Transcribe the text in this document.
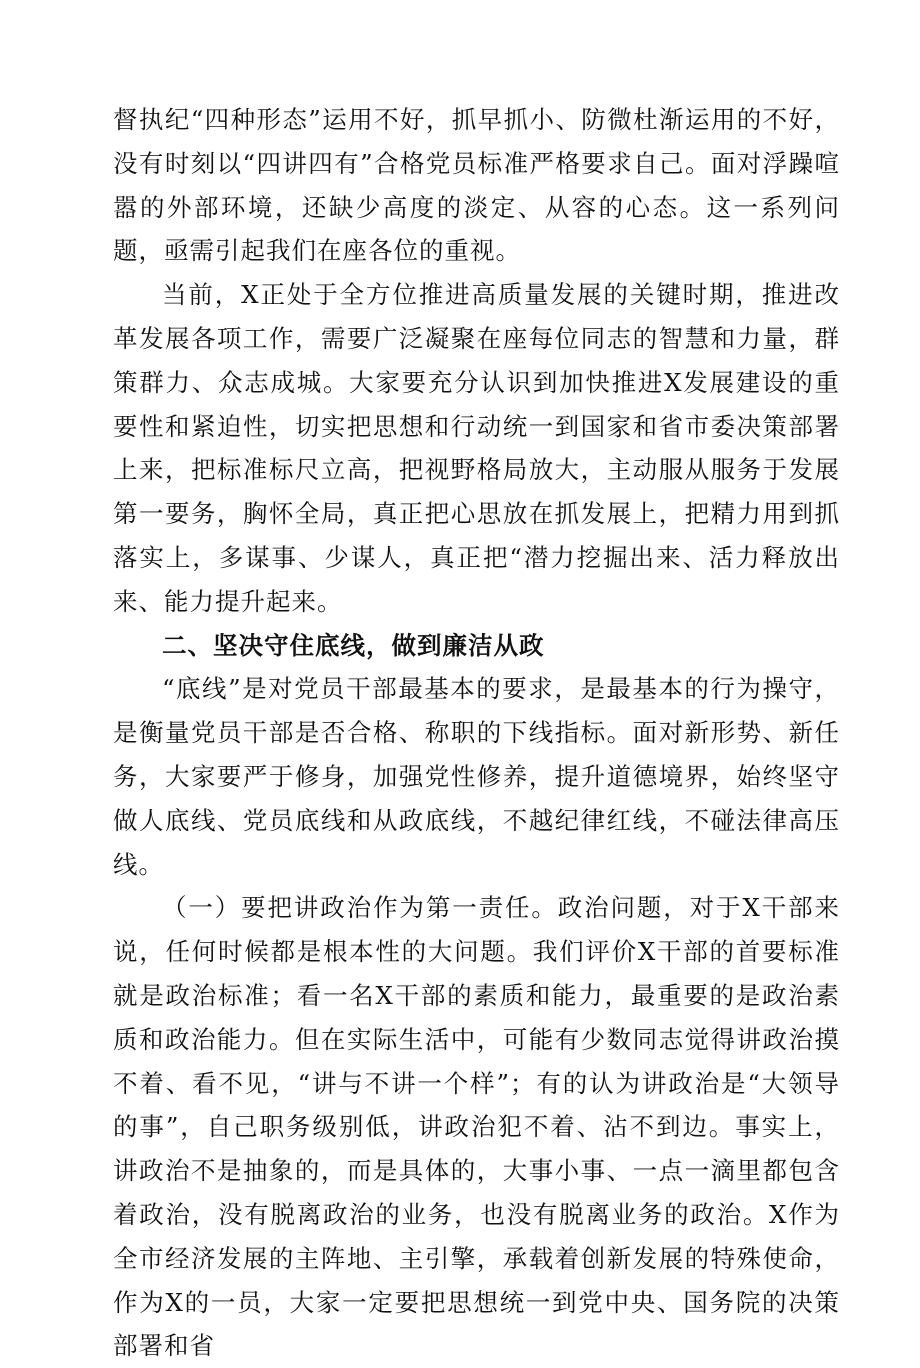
督执纪“四种形态”运用不好，抓早抓小、防微杜渐运用的不好，没有时刻以“四讲四有”合格党员标准严格要求自己。面对浮躁喧嚣的外部环境，还缺少高度的淡定、从容的心态。这一系列问题，亟需引起我们在座各位的重视。

当前，X正处于全方位推进高质量发展的关键时期，推进改革发展各项工作，需要广泛凝聚在座每位同志的智慧和力量，群策群力、众志成城。大家要充分认识到加快推进X发展建设的重要性和紧迫性，切实把思想和行动统一到国家和省市委决策部署上来，把标准标尺立高，把视野格局放大，主动服从服务于发展第一要务，胸怀全局，真正把心思放在抓发展上，把精力用到抓落实上，多谋事、少谋人，真正把“潜力挖掘出来、活力释放出来、能力提升起来。

二、坚决守住底线，做到廉洁从政

“底线”是对党员干部最基本的要求，是最基本的行为操守，是衡量党员干部是否合格、称职的下线指标。面对新形势、新任务，大家要严于修身，加强党性修养，提升道德境界，始终坚守做人底线、党员底线和从政底线，不越纪律红线，不碰法律高压线。

（一）要把讲政治作为第一责任。政治问题，对于X干部来说，任何时候都是根本性的大问题。我们评价X干部的首要标准就是政治标准；看一名X干部的素质和能力，最重要的是政治素质和政治能力。但在实际生活中，可能有少数同志觉得讲政治摸不着、看不见，“讲与不讲一个样”；有的认为讲政治是“大领导的事”，自己职务级别低，讲政治犯不着、沾不到边。事实上，讲政治不是抽象的，而是具体的，大事小事、一点一滴里都包含着政治，没有脱离政治的业务，也没有脱离业务的政治。X作为全市经济发展的主阵地、主引擎，承载着创新发展的特殊使命，作为X的一员，大家一定要把思想统一到党中央、国务院的决策部署和省
